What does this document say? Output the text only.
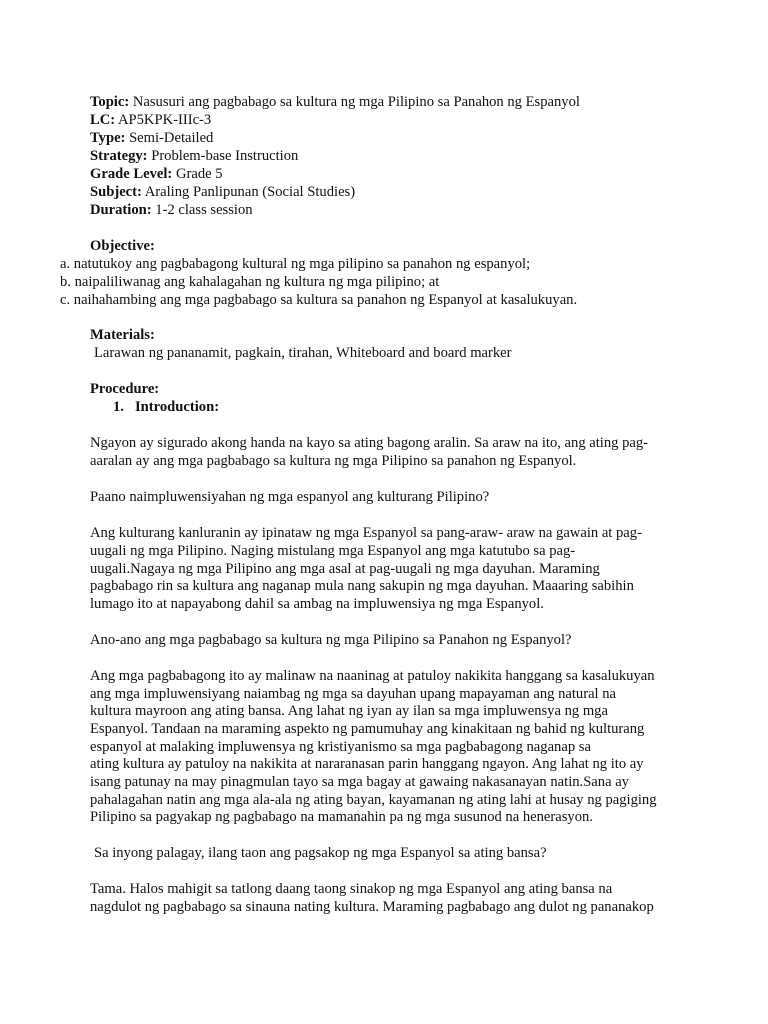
Topic: Nasusuri ang pagbabago sa kultura ng mga Pilipino sa Panahon ng Espanyol
LC: AP5KPK-IIIc-3
Type: Semi-Detailed
Strategy: Problem-base Instruction
Grade Level: Grade 5
Subject: Araling Panlipunan (Social Studies)
Duration: 1-2 class session
Objective:
a. natutukoy ang pagbabagong kultural ng mga pilipino sa panahon ng espanyol;
b. naipaliliwanag ang kahalagahan ng kultura ng mga pilipino; at
c. naihahambing ang mga pagbabago sa kultura sa panahon ng Espanyol at kasalukuyan.
Materials:
Larawan ng pananamit, pagkain, tirahan, Whiteboard and board marker
Procedure:
1. Introduction:
Ngayon ay sigurado akong handa na kayo sa ating bagong aralin. Sa araw na ito, ang ating pag-
aaralan ay ang mga pagbabago sa kultura ng mga Pilipino sa panahon ng Espanyol.
Paano naimpluwensiyahan ng mga espanyol ang kulturang Pilipino?
Ang kulturang kanluranin ay ipinataw ng mga Espanyol sa pang-araw- araw na gawain at pag-
uugali ng mga Pilipino. Naging mistulang mga Espanyol ang mga katutubo sa pag-
uugali.Nagaya ng mga Pilipino ang mga asal at pag-uugali ng mga dayuhan. Maraming
pagbabago rin sa kultura ang naganap mula nang sakupin ng mga dayuhan. Maaaring sabihin
lumago ito at napayabong dahil sa ambag na impluwensiya ng mga Espanyol.
Ano-ano ang mga pagbabago sa kultura ng mga Pilipino sa Panahon ng Espanyol?
Ang mga pagbabagong ito ay malinaw na naaninag at patuloy nakikita hanggang sa kasalukuyan
ang mga impluwensiyang naiambag ng mga sa dayuhan upang mapayaman ang natural na
kultura mayroon ang ating bansa. Ang lahat ng iyan ay ilan sa mga impluwensya ng mga
Espanyol. Tandaan na maraming aspekto ng pamumuhay ang kinakitaan ng bahid ng kulturang
espanyol at malaking impluwensya ng kristiyanismo sa mga pagbabagong naganap sa
ating kultura ay patuloy na nakikita at nararanasan parin hanggang ngayon. Ang lahat ng ito ay
isang patunay na may pinagmulan tayo sa mga bagay at gawaing nakasanayan natin.Sana ay
pahalagahan natin ang mga ala-ala ng ating bayan, kayamanan ng ating lahi at husay ng pagiging
Pilipino sa pagyakap ng pagbabago na mamanahin pa ng mga susunod na henerasyon.
Sa inyong palagay, ilang taon ang pagsakop ng mga Espanyol sa ating bansa?
Tama. Halos mahigit sa tatlong daang taong sinakop ng mga Espanyol ang ating bansa na
nagdulot ng pagbabago sa sinauna nating kultura. Maraming pagbabago ang dulot ng pananakop
